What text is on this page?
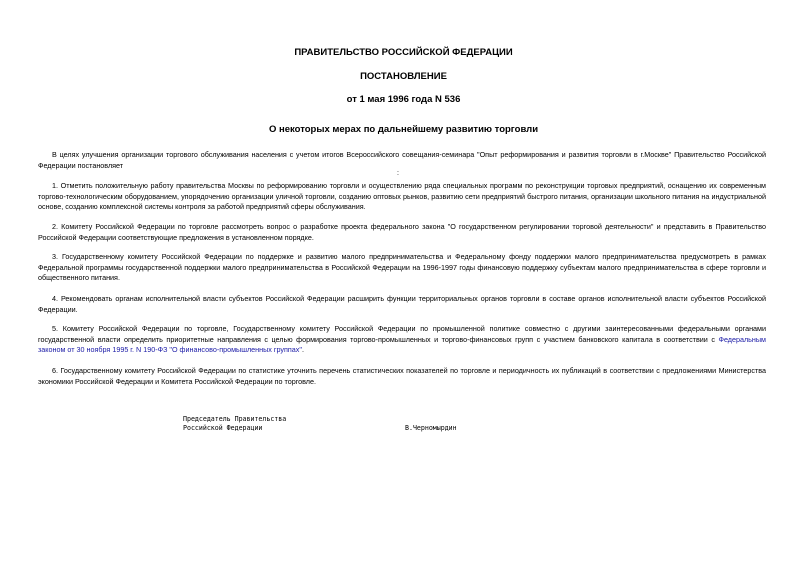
ПРАВИТЕЛЬСТВО РОССИЙСКОЙ ФЕДЕРАЦИИ

ПОСТАНОВЛЕНИЕ

от 1 мая 1996 года N 536

О некоторых мерах по дальнейшему развитию торговли

В целях улучшения организации торгового обслуживания населения с учетом итогов Всероссийского совещания-семинара "Опыт реформирования и развития торговли в г.Москве" Правительство Российской Федерации постановляет

:

1. Отметить положительную работу правительства Москвы по реформированию торговли и осуществлению ряда специальных программ по реконструкции торговых предприятий, оснащению их современным торгово-технологическим оборудованием, упорядочению организации уличной торговли, созданию оптовых рынков, развитию сети предприятий быстрого питания, организации школьного питания на индустриальной основе, созданию комплексной системы контроля за работой предприятий сферы обслуживания.

2. Комитету Российской Федерации по торговле рассмотреть вопрос о разработке проекта федерального закона "О государственном регулировании торговой деятельности" и представить в Правительство Российской Федерации соответствующие предложения в установленном порядке.

3. Государственному комитету Российской Федерации по поддержке и развитию малого предпринимательства и Федеральному фонду поддержки малого предпринимательства предусмотреть в рамках Федеральной программы государственной поддержки малого предпринимательства в Российской Федерации на 1996-1997 годы финансовую поддержку субъектам малого предпринимательства в сфере торговли и общественного питания.

4. Рекомендовать органам исполнительной власти субъектов Российской Федерации расширить функции территориальных органов торговли в составе органов исполнительной власти субъектов Российской Федерации.

5. Комитету Российской Федерации по торговле, Государственному комитету Российской Федерации по промышленной политике совместно с другими заинтересованными федеральными органами государственной власти определить приоритетные направления с целью формирования торгово-промышленных и торгово-финансовых групп с участием банковского капитала в соответствии с Федеральным законом от 30 ноября 1995 г. N 190-ФЗ "О финансово-промышленных группах".

6. Государственному комитету Российской Федерации по статистике уточнить перечень статистических показателей по торговле и периодичность их публикаций в соответствии с предложениями Министерства экономики Российской Федерации и Комитета Российской Федерации по торговле.

Председатель Правительства

Российской Федерации	В.Черномырдин
